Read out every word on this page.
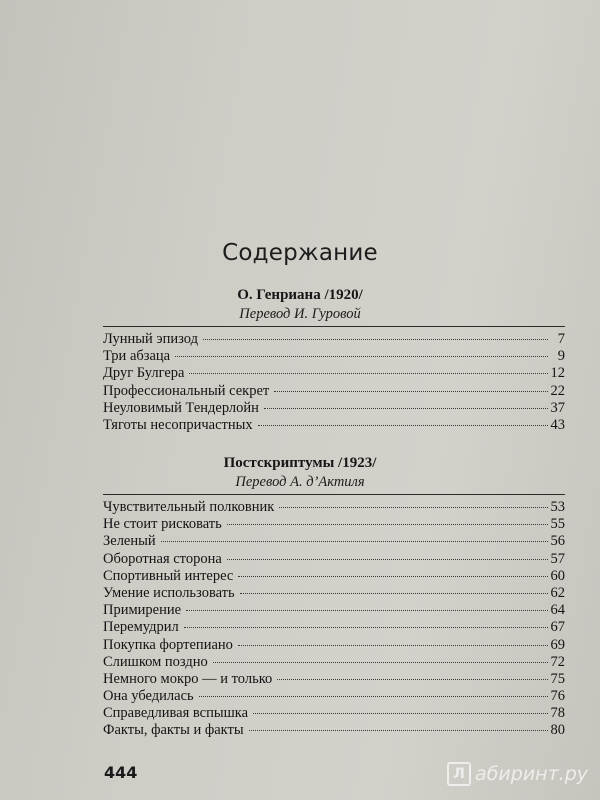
Содержание
О. Генриана /1920/
Перевод И. Гуровой
Лунный эпизод	7
Три абзаца	9
Друг Булгера	12
Профессиональный секрет	22
Неуловимый Тендерлойн	37
Тяготы несопричастных	43
Постскриптумы /1923/
Перевод А. д’Актиля
Чувствительный полковник	53
Не стоит рисковать	55
Зеленый	56
Оборотная сторона	57
Спортивный интерес	60
Умение использовать	62
Примирение	64
Перемудрил	67
Покупка фортепиано	69
Слишком поздно	72
Немного мокро — и только	75
Она убедилась	76
Справедливая вспышка	78
Факты, факты и факты	80
444	Л абиринт.ру
